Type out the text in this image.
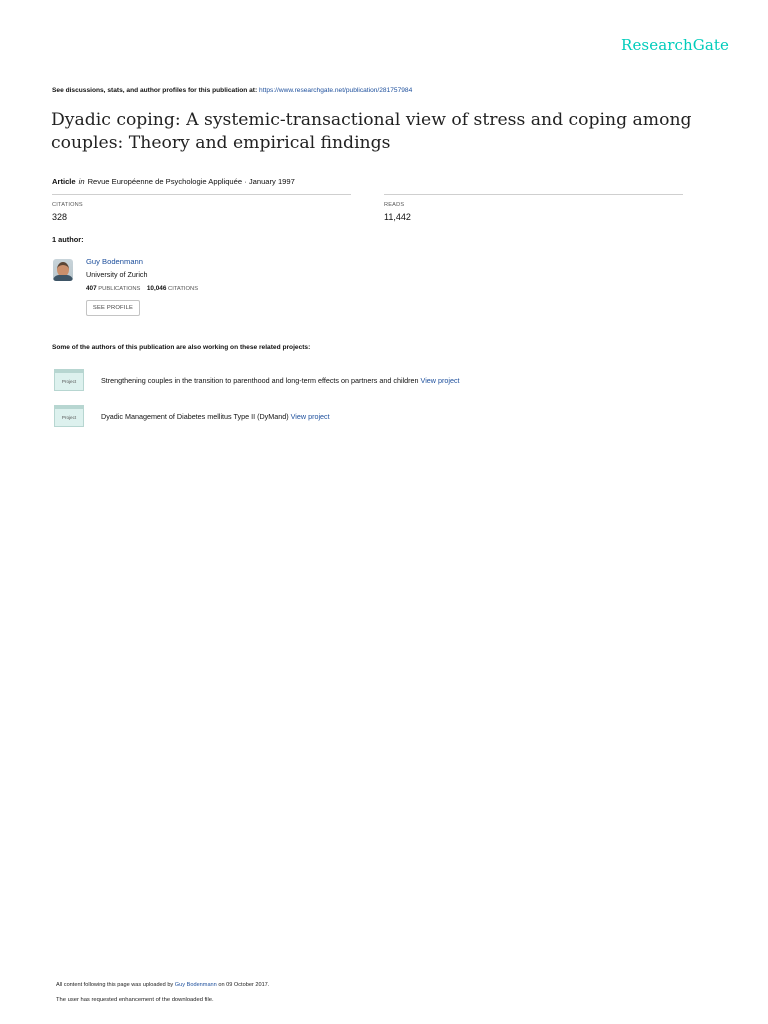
ResearchGate
See discussions, stats, and author profiles for this publication at: https://www.researchgate.net/publication/281757984
Dyadic coping: A systemic-transactional view of stress and coping among couples: Theory and empirical findings
Article in Revue Européenne de Psychologie Appliquée · January 1997
CITATIONS
328
READS
11,442
1 author:
Guy Bodenmann
University of Zurich
407 PUBLICATIONS 10,046 CITATIONS
SEE PROFILE
Some of the authors of this publication are also working on these related projects:
Project	Strengthening couples in the transition to parenthood and long-term effects on partners and children View project
Project	Dyadic Management of Diabetes mellitus Type II (DyMand) View project
All content following this page was uploaded by Guy Bodenmann on 09 October 2017.
The user has requested enhancement of the downloaded file.
